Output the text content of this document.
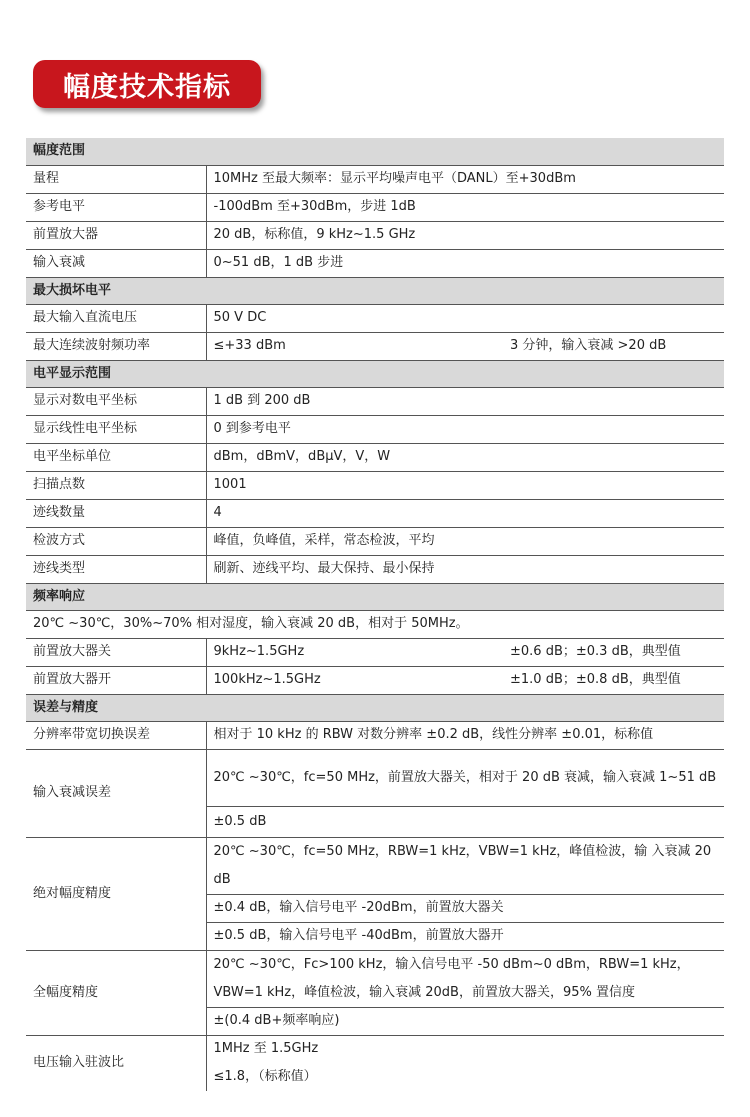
幅度技术指标
幅度范围		
量程	10MHz 至最大频率：显示平均噪声电平（DANL）至+30dBm	
参考电平	-100dBm 至+30dBm，步进 1dB	
前置放大器	20 dB，标称值，9 kHz~1.5 GHz	
输入衰减	0~51 dB，1 dB 步进	
最大损坏电平		
最大输入直流电压	50 V DC	
最大连续波射频功率	≤+33 dBm	3 分钟，输入衰减 >20 dB
电平显示范围		
显示对数电平坐标	1 dB 到 200 dB	
显示线性电平坐标	0 到参考电平	
电平坐标单位	dBm，dBmV，dBμV，V，W	
扫描点数	1001	
迹线数量	4	
检波方式	峰值，负峰值，采样，常态检波，平均	
迹线类型	刷新、迹线平均、最大保持、最小保持	
频率响应		
20℃ ~30℃，30%~70% 相对湿度，输入衰减 20 dB，相对于 50MHz。		
前置放大器关	9kHz~1.5GHz	±0.6 dB；±0.3 dB，典型值
前置放大器开	100kHz~1.5GHz	±1.0 dB；±0.8 dB，典型值
误差与精度		
分辨率带宽切换误差	相对于 10 kHz 的 RBW 对数分辨率 ±0.2 dB，线性分辨率 ±0.01，标称值	
输入衰减误差	20℃ ~30℃，fc=50 MHz，前置放大器关，相对于 20 dB 衰减，输入衰减 1~51 dB	
	±0.5 dB	
绝对幅度精度	20℃ ~30℃，fc=50 MHz，RBW=1 kHz，VBW=1 kHz，峰值检波，输 入衰减 20 dB	
	±0.4 dB，输入信号电平 -20dBm，前置放大器关	
	±0.5 dB，输入信号电平 -40dBm，前置放大器开	
全幅度精度	20℃ ~30℃，Fc>100 kHz，输入信号电平 -50 dBm~0 dBm，RBW=1 kHz，VBW=1 kHz，峰值检波，输入衰减 20dB，前置放大器关，95% 置信度	
	±(0.4 dB+频率响应)	
电压输入驻波比	1MHz 至 1.5GHz	
	≤1.8，（标称值）	
